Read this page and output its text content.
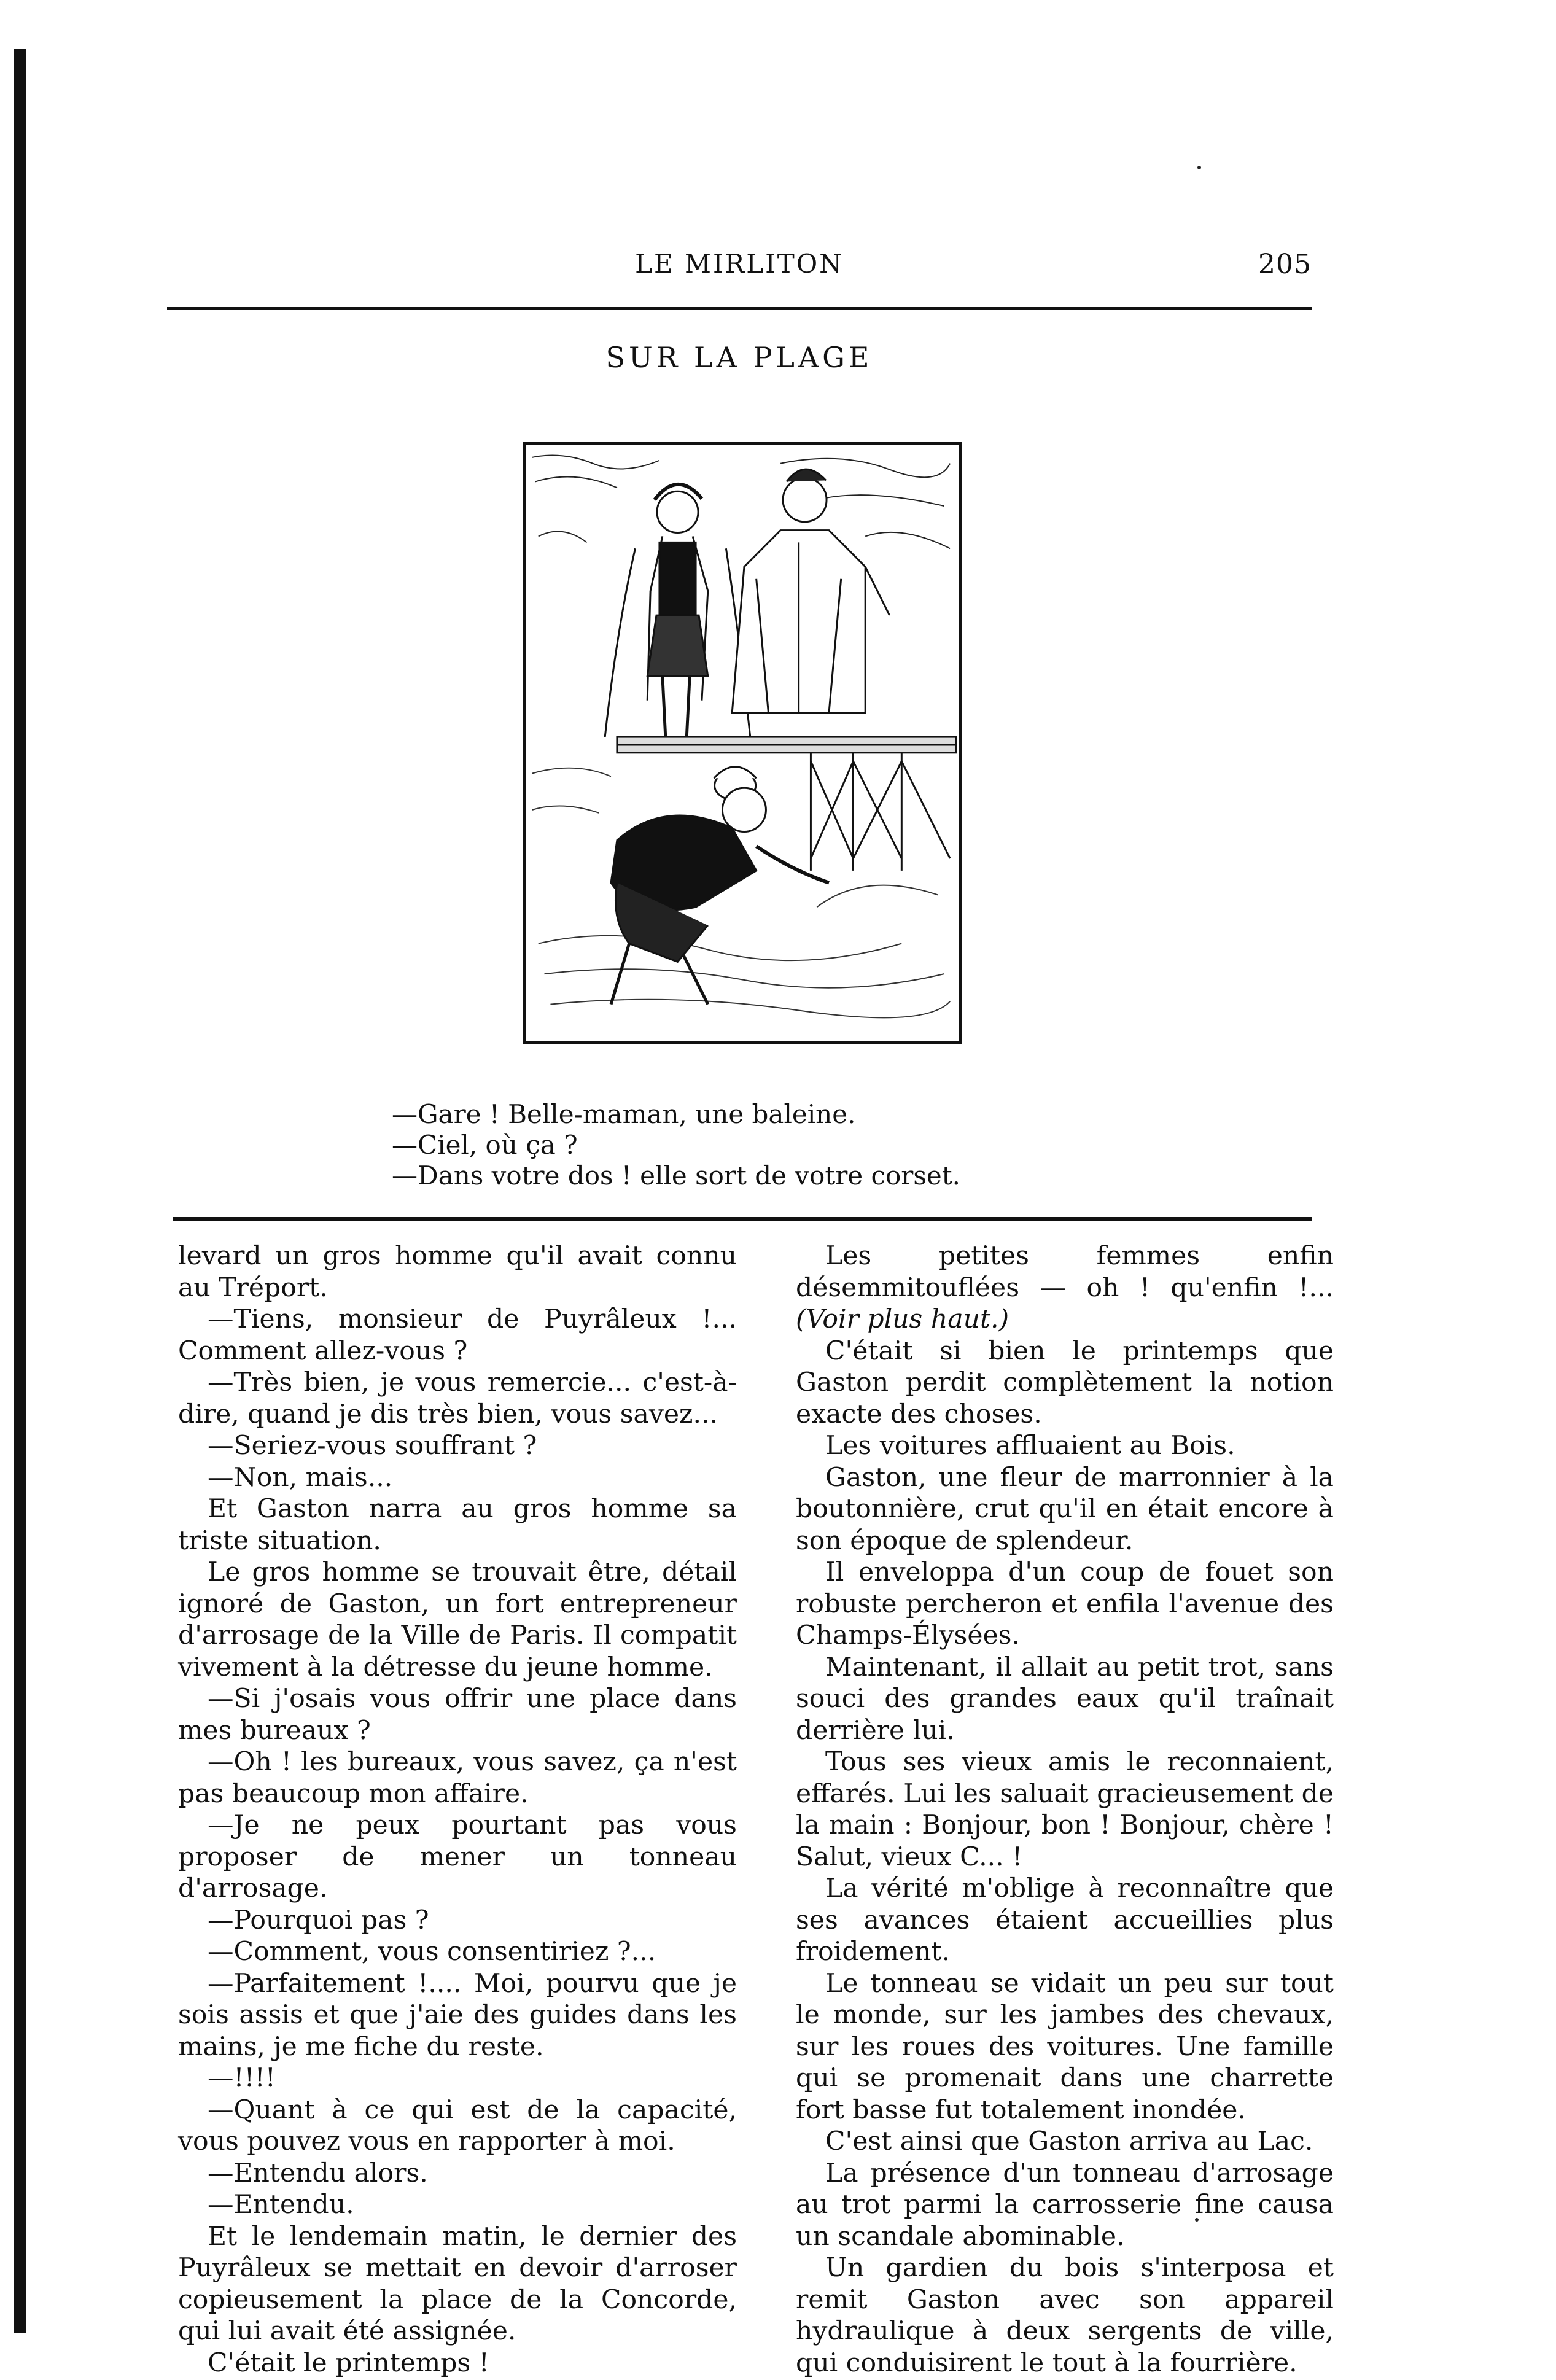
LE MIRLITON	205
SUR LA PLAGE
—Gare ! Belle-maman, une baleine.
—Ciel, où ça ?
—Dans votre dos ! elle sort de votre corset.

levard un gros homme qu'il avait connu au Tréport.

—Tiens, monsieur de Puyrâleux !... Comment allez-vous ?

—Très bien, je vous remercie... c'est-à-dire, quand je dis très bien, vous savez...

—Seriez-vous souffrant ?

—Non, mais...

Et Gaston narra au gros homme sa triste situation.

Le gros homme se trouvait être, détail ignoré de Gaston, un fort entrepreneur d'arrosage de la Ville de Paris. Il compatit vivement à la détresse du jeune homme.

—Si j'osais vous offrir une place dans mes bureaux ?

—Oh ! les bureaux, vous savez, ça n'est pas beaucoup mon affaire.

—Je ne peux pourtant pas vous proposer de mener un tonneau d'arrosage.

—Pourquoi pas ?

—Comment, vous consentiriez ?...

—Parfaitement !.... Moi, pourvu que je sois assis et que j'aie des guides dans les mains, je me fiche du reste.

—!!!!

—Quant à ce qui est de la capacité, vous pouvez vous en rapporter à moi.

—Entendu alors.

—Entendu.

Et le lendemain matin, le dernier des Puyrâleux se mettait en devoir d'arroser copieusement la place de la Concorde, qui lui avait été assignée.

C'était le printemps !

Les petites femmes enfin désemmitouflées — oh ! qu'enfin !... (Voir plus haut.)

C'était si bien le printemps que Gaston perdit complètement la notion exacte des choses.

Les voitures affluaient au Bois.

Gaston, une fleur de marronnier à la boutonnière, crut qu'il en était encore à son époque de splendeur.

Il enveloppa d'un coup de fouet son robuste percheron et enfila l'avenue des Champs-Élysées.

Maintenant, il allait au petit trot, sans souci des grandes eaux qu'il traînait derrière lui.

Tous ses vieux amis le reconnaient, effarés. Lui les saluait gracieusement de la main : Bonjour, bon ! Bonjour, chère ! Salut, vieux C... !

La vérité m'oblige à reconnaître que ses avances étaient accueillies plus froidement.

Le tonneau se vidait un peu sur tout le monde, sur les jambes des chevaux, sur les roues des voitures. Une famille qui se promenait dans une charrette fort basse fut totalement inondée.

C'est ainsi que Gaston arriva au Lac.

La présence d'un tonneau d'arrosage au trot parmi la carrosserie fine causa un scandale abominable.

Un gardien du bois s'interposa et remit Gaston avec son appareil hydraulique à deux sergents de ville, qui conduisirent le tout à la fourrière.
